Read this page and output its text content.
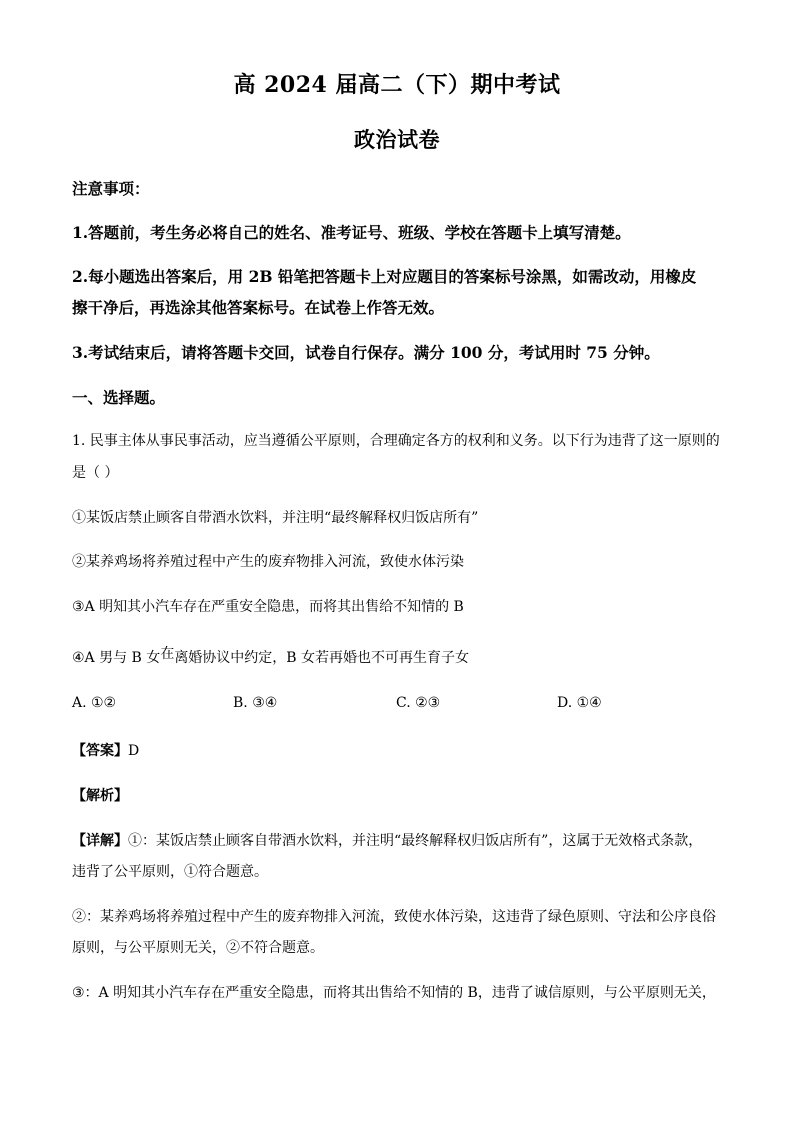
高 2024 届高二（下）期中考试
政治试卷
注意事项：
1.答题前，考生务必将自己的姓名、准考证号、班级、学校在答题卡上填写清楚。
2.每小题选出答案后，用 2B 铅笔把答题卡上对应题目的答案标号涂黑，如需改动，用橡皮
擦干净后，再选涂其他答案标号。在试卷上作答无效。
3.考试结束后，请将答题卡交回，试卷自行保存。满分 100 分，考试用时 75 分钟。
一、选择题。
1. 民事主体从事民事活动，应当遵循公平原则，合理确定各方的权利和义务。以下行为违背了这一原则的
是（ ）
①某饭店禁止顾客自带酒水饮料，并注明“最终解释权归饭店所有”
②某养鸡场将养殖过程中产生的废弃物排入河流，致使水体污染
③A 明知其小汽车存在严重安全隐患，而将其出售给不知情的 B
④A 男与 B 女在离婚协议中约定，B 女若再婚也不可再生育子女
A. ①②	B. ③④	C. ②③	D. ①④
【答案】D
【解析】
【详解】①：某饭店禁止顾客自带酒水饮料，并注明“最终解释权归饭店所有”，这属于无效格式条款，
违背了公平原则，①符合题意。
②：某养鸡场将养殖过程中产生的废弃物排入河流，致使水体污染，这违背了绿色原则、守法和公序良俗
原则，与公平原则无关，②不符合题意。
③：A 明知其小汽车存在严重安全隐患，而将其出售给不知情的 B，违背了诚信原则，与公平原则无关，
